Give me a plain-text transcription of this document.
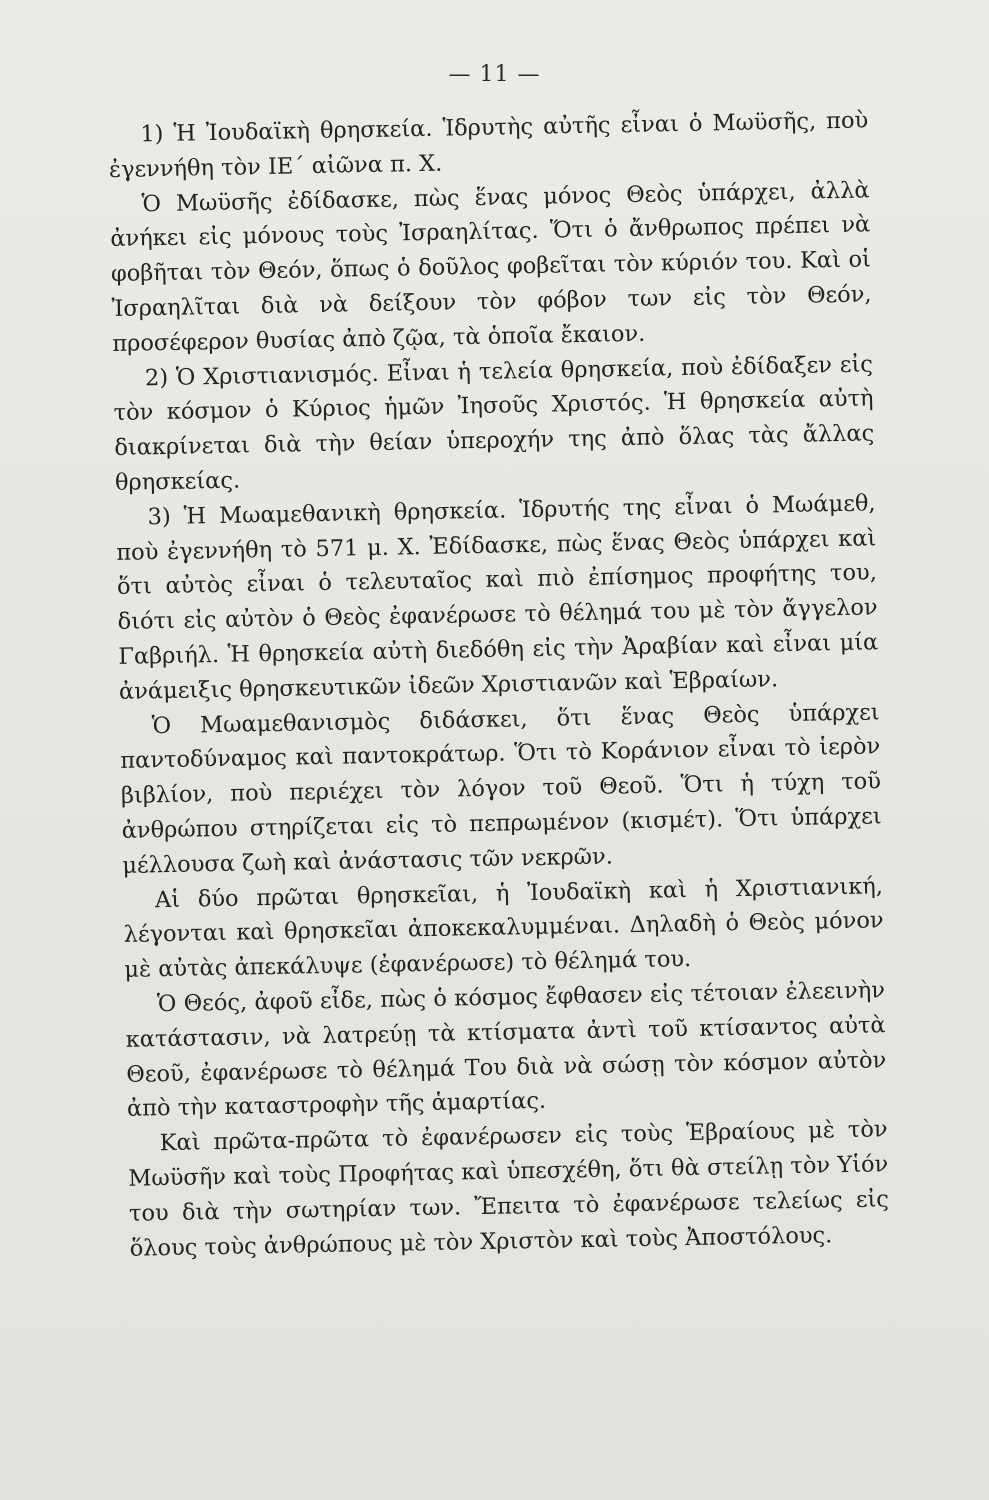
— 11 —

1) Ἡ Ἰουδαϊκὴ θρησκεία. Ἱδρυτὴς αὐτῆς εἶναι ὁ Μωϋσῆς, ποὺ ἐγεννήθη τὸν ΙΕ΄ αἰῶνα π. Χ.

Ὁ Μωϋσῆς ἐδίδασκε, πὼς ἕνας μόνος Θεὸς ὑπάρχει, ἀλλὰ ἀνήκει εἰς μόνους τοὺς Ἰσραηλίτας. Ὅτι ὁ ἄνθρωπος πρέπει νὰ φοβῆται τὸν Θεόν, ὅπως ὁ δοῦλος φοβεῖται τὸν κύριόν του. Καὶ οἱ Ἰσραηλῖται διὰ νὰ δείξουν τὸν φόβον των εἰς τὸν Θεόν, προσέφερον θυσίας ἀπὸ ζῷα, τὰ ὁποῖα ἔκαιον.

2) Ὁ Χριστιανισμός. Εἶναι ἡ τελεία θρησκεία, ποὺ ἐδίδαξεν εἰς τὸν κόσμον ὁ Κύριος ἡμῶν Ἰησοῦς Χριστός. Ἡ θρησκεία αὐτὴ διακρίνεται διὰ τὴν θείαν ὑπεροχήν της ἀπὸ ὅλας τὰς ἄλλας θρησκείας.

3) Ἡ Μωαμεθανικὴ θρησκεία. Ἱδρυτής της εἶναι ὁ Μωάμεθ, ποὺ ἐγεννήθη τὸ 571 μ. Χ. Ἐδίδασκε, πὼς ἕνας Θεὸς ὑπάρχει καὶ ὅτι αὐτὸς εἶναι ὁ τελευταῖος καὶ πιὸ ἐπίσημος προφήτης του, διότι εἰς αὐτὸν ὁ Θεὸς ἐφανέρωσε τὸ θέλημά του μὲ τὸν ἄγγελον Γαβριήλ. Ἡ θρησκεία αὐτὴ διεδόθη εἰς τὴν Ἀραβίαν καὶ εἶναι μία ἀνάμειξις θρησκευτικῶν ἰδεῶν Χριστιανῶν καὶ Ἑβραίων.

Ὁ Μωαμεθανισμὸς διδάσκει, ὅτι ἕνας Θεὸς ὑπάρχει παντοδύναμος καὶ παντοκράτωρ. Ὅτι τὸ Κοράνιον εἶναι τὸ ἱερὸν βιβλίον, ποὺ περιέχει τὸν λόγον τοῦ Θεοῦ. Ὅτι ἡ τύχη τοῦ ἀνθρώπου στηρίζεται εἰς τὸ πεπρωμένον (κισμέτ). Ὅτι ὑπάρχει μέλλουσα ζωὴ καὶ ἀνάστασις τῶν νεκρῶν.

Αἱ δύο πρῶται θρησκεῖαι, ἡ Ἰουδαϊκὴ καὶ ἡ Χριστιανική, λέγονται καὶ θρησκεῖαι ἀποκεκαλυμμέναι. Δηλαδὴ ὁ Θεὸς μόνον μὲ αὐτὰς ἀπεκάλυψε (ἐφανέρωσε) τὸ θέλημά του.

Ὁ Θεός, ἀφοῦ εἶδε, πὼς ὁ κόσμος ἔφθασεν εἰς τέτοιαν ἐλεεινὴν κατάστασιν, νὰ λατρεύῃ τὰ κτίσματα ἀντὶ τοῦ κτίσαντος αὐτὰ Θεοῦ, ἐφανέρωσε τὸ θέλημά Του διὰ νὰ σώσῃ τὸν κόσμον αὐτὸν ἀπὸ τὴν καταστροφὴν τῆς ἁμαρτίας.

Καὶ πρῶτα-πρῶτα τὸ ἐφανέρωσεν εἰς τοὺς Ἑβραίους μὲ τὸν Μωϋσῆν καὶ τοὺς Προφήτας καὶ ὑπεσχέθη, ὅτι θὰ στείλῃ τὸν Υἱόν του διὰ τὴν σωτηρίαν των. Ἔπειτα τὸ ἐφανέρωσε τελείως εἰς ὅλους τοὺς ἀνθρώπους μὲ τὸν Χριστὸν καὶ τοὺς Ἀποστόλους.
